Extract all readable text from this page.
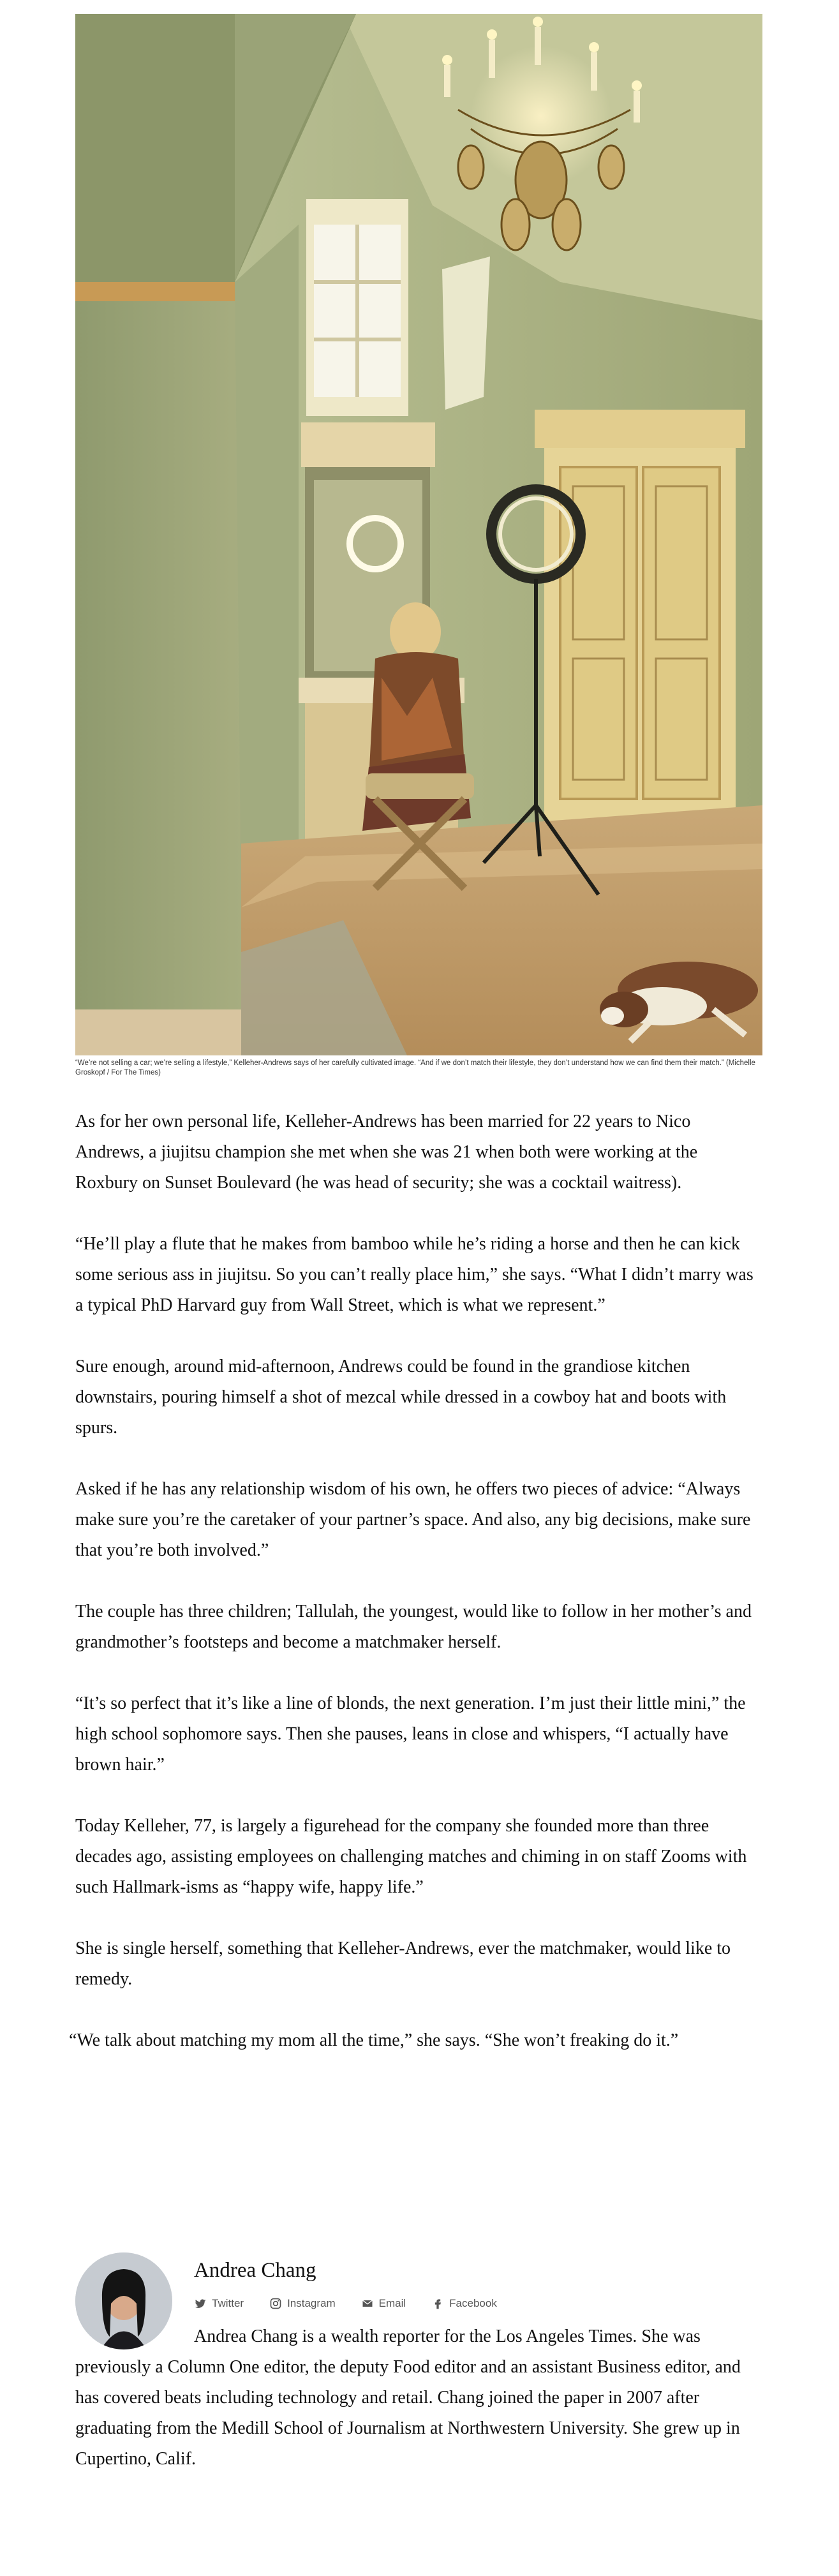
“We’re not selling a car; we’re selling a lifestyle,” Kelleher-Andrews says of her carefully cultivated image. “And if we don’t match their lifestyle, they don’t understand how we can find them their match.” (Michelle Groskopf / For The Times)

As for her own personal life, Kelleher-Andrews has been married for 22 years to Nico Andrews, a jiujitsu champion she met when she was 21 when both were working at the Roxbury on Sunset Boulevard (he was head of security; she was a cocktail waitress).

“He’ll play a flute that he makes from bamboo while he’s riding a horse and then he can kick some serious ass in jiujitsu. So you can’t really place him,” she says. “What I didn’t marry was a typical PhD Harvard guy from Wall Street, which is what we represent.”

Sure enough, around mid-afternoon, Andrews could be found in the grandiose kitchen downstairs, pouring himself a shot of mezcal while dressed in a cowboy hat and boots with spurs.

Asked if he has any relationship wisdom of his own, he offers two pieces of advice: “Always make sure you’re the caretaker of your partner’s space. And also, any big decisions, make sure that you’re both involved.”

The couple has three children; Tallulah, the youngest, would like to follow in her mother’s and grandmother’s footsteps and become a matchmaker herself.

“It’s so perfect that it’s like a line of blonds, the next generation. I’m just their little mini,” the high school sophomore says. Then she pauses, leans in close and whispers, “I actually have brown hair.”

Today Kelleher, 77, is largely a figurehead for the company she founded more than three decades ago, assisting employees on challenging matches and chiming in on staff Zooms with such Hallmark-isms as “happy wife, happy life.”

She is single herself, something that Kelleher-Andrews, ever the matchmaker, would like to remedy.

“We talk about matching my mom all the time,” she says. “She won’t freaking do it.”

Andrea Chang
Twitter	Instagram	Email	Facebook

Andrea Chang is a wealth reporter for the Los Angeles Times. She was previously a Column One editor, the deputy Food editor and an assistant Business editor, and has covered beats including technology and retail. Chang joined the paper in 2007 after graduating from the Medill School of Journalism at Northwestern University. She grew up in Cupertino, Calif.
